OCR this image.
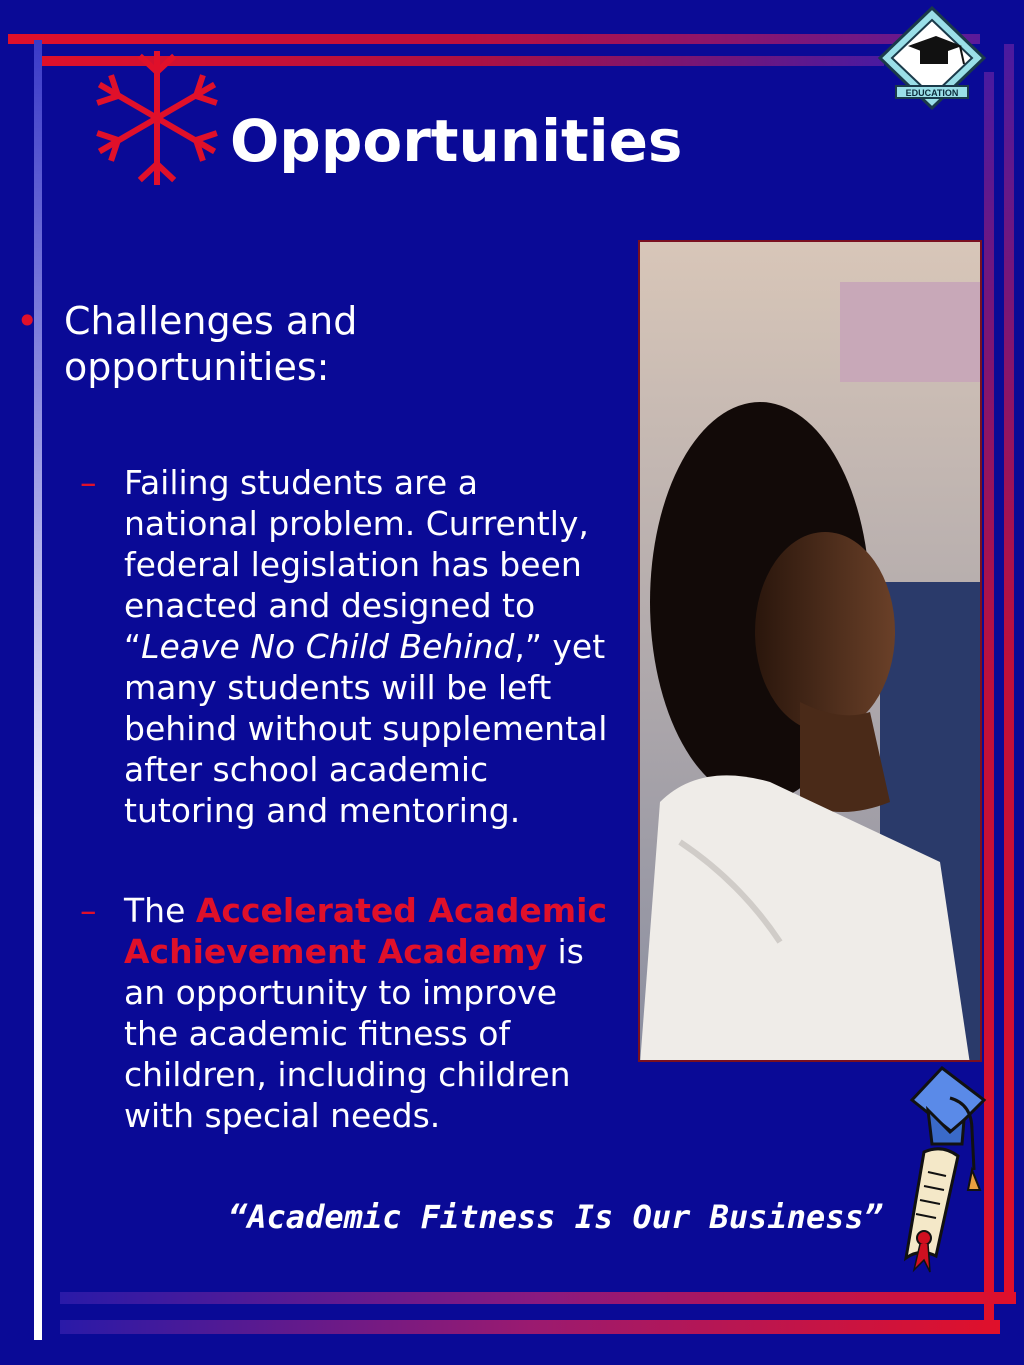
Opportunities
EDUCATION
• Challenges and opportunities:
– Failing students are a national problem. Currently, federal legislation has been enacted and designed to “Leave No Child Behind,” yet many students will be left behind without supplemental after school academic tutoring and mentoring.
– The Accelerated Academic Achievement Academy is an opportunity to improve the academic fitness of children, including children with special needs.
“Academic Fitness Is Our Business”
